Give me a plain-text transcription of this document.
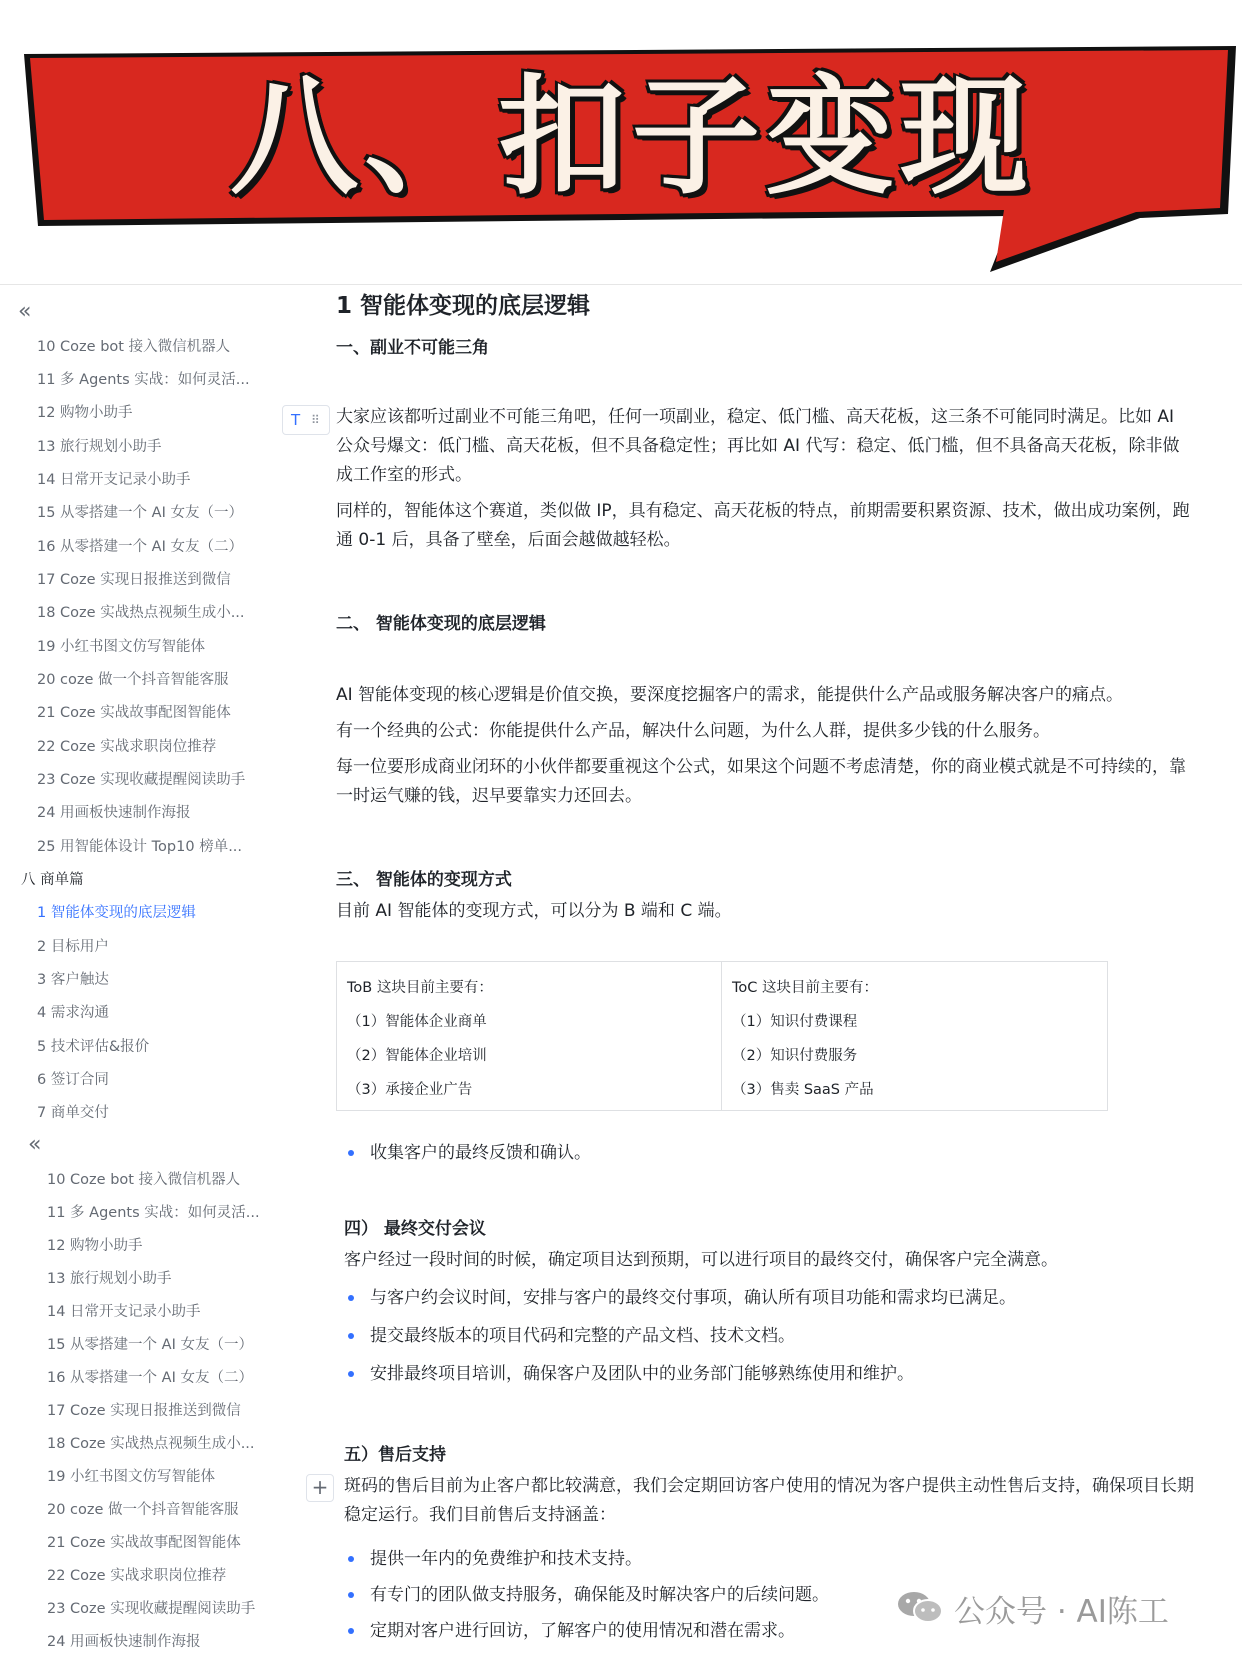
八、扣子变现
«
10 Coze bot 接入微信机器人
11 多 Agents 实战：如何灵活...
12 购物小助手
13 旅行规划小助手
14 日常开支记录小助手
15 从零搭建一个 AI 女友（一）
16 从零搭建一个 AI 女友（二）
17 Coze 实现日报推送到微信
18 Coze 实战热点视频生成小...
19 小红书图文仿写智能体
20 coze 做一个抖音智能客服
21 Coze 实战故事配图智能体
22 Coze 实战求职岗位推荐
23 Coze 实现收藏提醒阅读助手
24 用画板快速制作海报
25 用智能体设计 Top10 榜单...
八 商单篇
1 智能体变现的底层逻辑
2 目标用户
3 客户触达
4 需求沟通
5 技术评估&报价
6 签订合同
7 商单交付
T ⠿
1 智能体变现的底层逻辑
一、副业不可能三角
大家应该都听过副业不可能三角吧，任何一项副业，稳定、低门槛、高天花板，这三条不可能同时满足。比如 AI
公众号爆文：低门槛、高天花板，但不具备稳定性；再比如 AI 代写：稳定、低门槛，但不具备高天花板，除非做
成工作室的形式。
同样的，智能体这个赛道，类似做 IP，具有稳定、高天花板的特点，前期需要积累资源、技术，做出成功案例，跑
通 0-1 后，具备了壁垒，后面会越做越轻松。
二、 智能体变现的底层逻辑
AI 智能体变现的核心逻辑是价值交换，要深度挖掘客户的需求，能提供什么产品或服务解决客户的痛点。
有一个经典的公式：你能提供什么产品，解决什么问题，为什么人群，提供多少钱的什么服务。
每一位要形成商业闭环的小伙伴都要重视这个公式，如果这个问题不考虑清楚，你的商业模式就是不可持续的，靠
一时运气赚的钱，迟早要靠实力还回去。
三、 智能体的变现方式
目前 AI 智能体的变现方式，可以分为 B 端和 C 端。
ToB 这块目前主要有：
（1）智能体企业商单
（2）智能体企业培训
（3）承接企业广告
ToC 这块目前主要有：
（1）知识付费课程
（2）知识付费服务
（3）售卖 SaaS 产品
«
10 Coze bot 接入微信机器人
11 多 Agents 实战：如何灵活...
12 购物小助手
13 旅行规划小助手
14 日常开支记录小助手
15 从零搭建一个 AI 女友（一）
16 从零搭建一个 AI 女友（二）
17 Coze 实现日报推送到微信
18 Coze 实战热点视频生成小...
19 小红书图文仿写智能体
20 coze 做一个抖音智能客服
21 Coze 实战故事配图智能体
22 Coze 实战求职岗位推荐
23 Coze 实现收藏提醒阅读助手
24 用画板快速制作海报
+
收集客户的最终反馈和确认。
四） 最终交付会议
客户经过一段时间的时候，确定项目达到预期，可以进行项目的最终交付，确保客户完全满意。
与客户约会议时间，安排与客户的最终交付事项，确认所有项目功能和需求均已满足。
提交最终版本的项目代码和完整的产品文档、技术文档。
安排最终项目培训，确保客户及团队中的业务部门能够熟练使用和维护。
五）售后支持
斑码的售后目前为止客户都比较满意，我们会定期回访客户使用的情况为客户提供主动性售后支持，确保项目长期
稳定运行。我们目前售后支持涵盖：
提供一年内的免费维护和技术支持。
有专门的团队做支持服务，确保能及时解决客户的后续问题。
定期对客户进行回访，了解客户的使用情况和潜在需求。
公众号 · AI陈工
